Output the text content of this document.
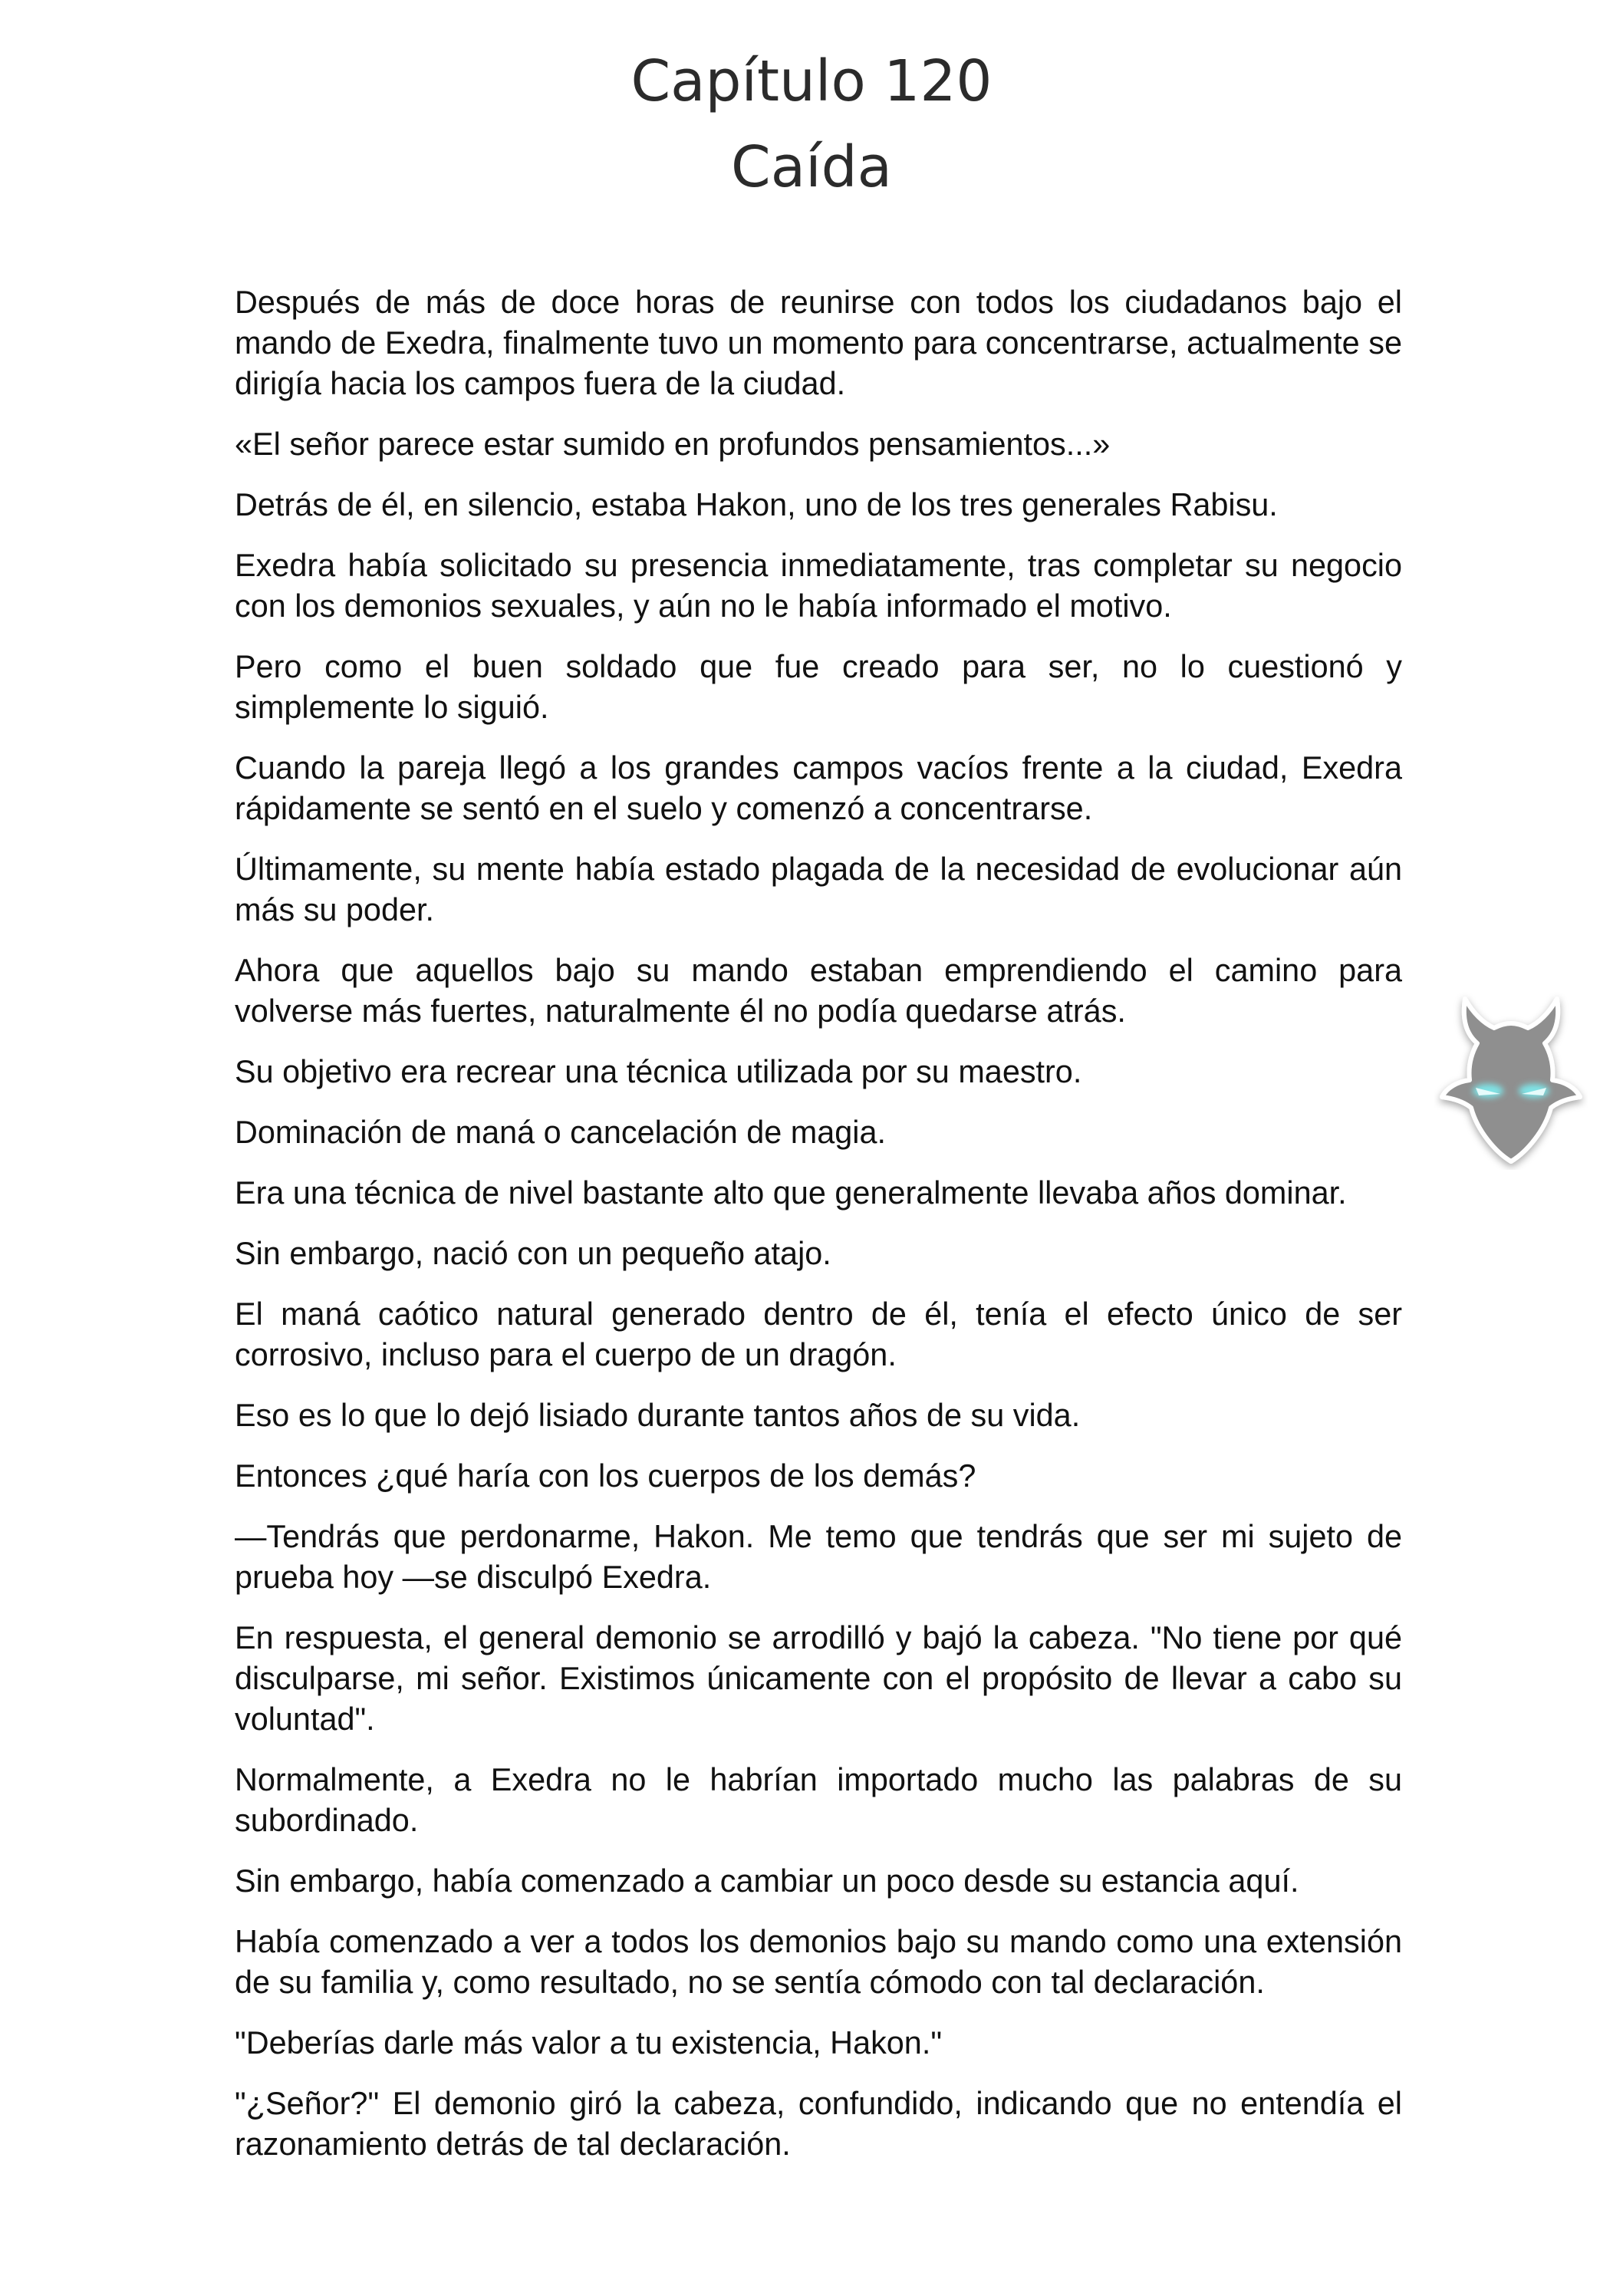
Capítulo 120
Caída

Después de más de doce horas de reunirse con todos los ciudadanos bajo el mando de Exedra, finalmente tuvo un momento para concentrarse, actualmente se dirigía hacia los campos fuera de la ciudad.

«El señor parece estar sumido en profundos pensamientos...»

Detrás de él, en silencio, estaba Hakon, uno de los tres generales Rabisu.

Exedra había solicitado su presencia inmediatamente, tras completar su negocio con los demonios sexuales, y aún no le había informado el motivo.

Pero como el buen soldado que fue creado para ser, no lo cuestionó y simplemente lo siguió.

Cuando la pareja llegó a los grandes campos vacíos frente a la ciudad, Exedra rápidamente se sentó en el suelo y comenzó a concentrarse.

Últimamente, su mente había estado plagada de la necesidad de evolucionar aún más su poder.

Ahora que aquellos bajo su mando estaban emprendiendo el camino para volverse más fuertes, naturalmente él no podía quedarse atrás.

Su objetivo era recrear una técnica utilizada por su maestro.

Dominación de maná o cancelación de magia.

Era una técnica de nivel bastante alto que generalmente llevaba años dominar.

Sin embargo, nació con un pequeño atajo.

El maná caótico natural generado dentro de él, tenía el efecto único de ser corrosivo, incluso para el cuerpo de un dragón.

Eso es lo que lo dejó lisiado durante tantos años de su vida.

Entonces ¿qué haría con los cuerpos de los demás?

—Tendrás que perdonarme, Hakon. Me temo que tendrás que ser mi sujeto de prueba hoy —se disculpó Exedra.

En respuesta, el general demonio se arrodilló y bajó la cabeza. "No tiene por qué disculparse, mi señor. Existimos únicamente con el propósito de llevar a cabo su voluntad".

Normalmente, a Exedra no le habrían importado mucho las palabras de su subordinado.

Sin embargo, había comenzado a cambiar un poco desde su estancia aquí.

Había comenzado a ver a todos los demonios bajo su mando como una extensión de su familia y, como resultado, no se sentía cómodo con tal declaración.

"Deberías darle más valor a tu existencia, Hakon."

"¿Señor?" El demonio giró la cabeza, confundido, indicando que no entendía el razonamiento detrás de tal declaración.
